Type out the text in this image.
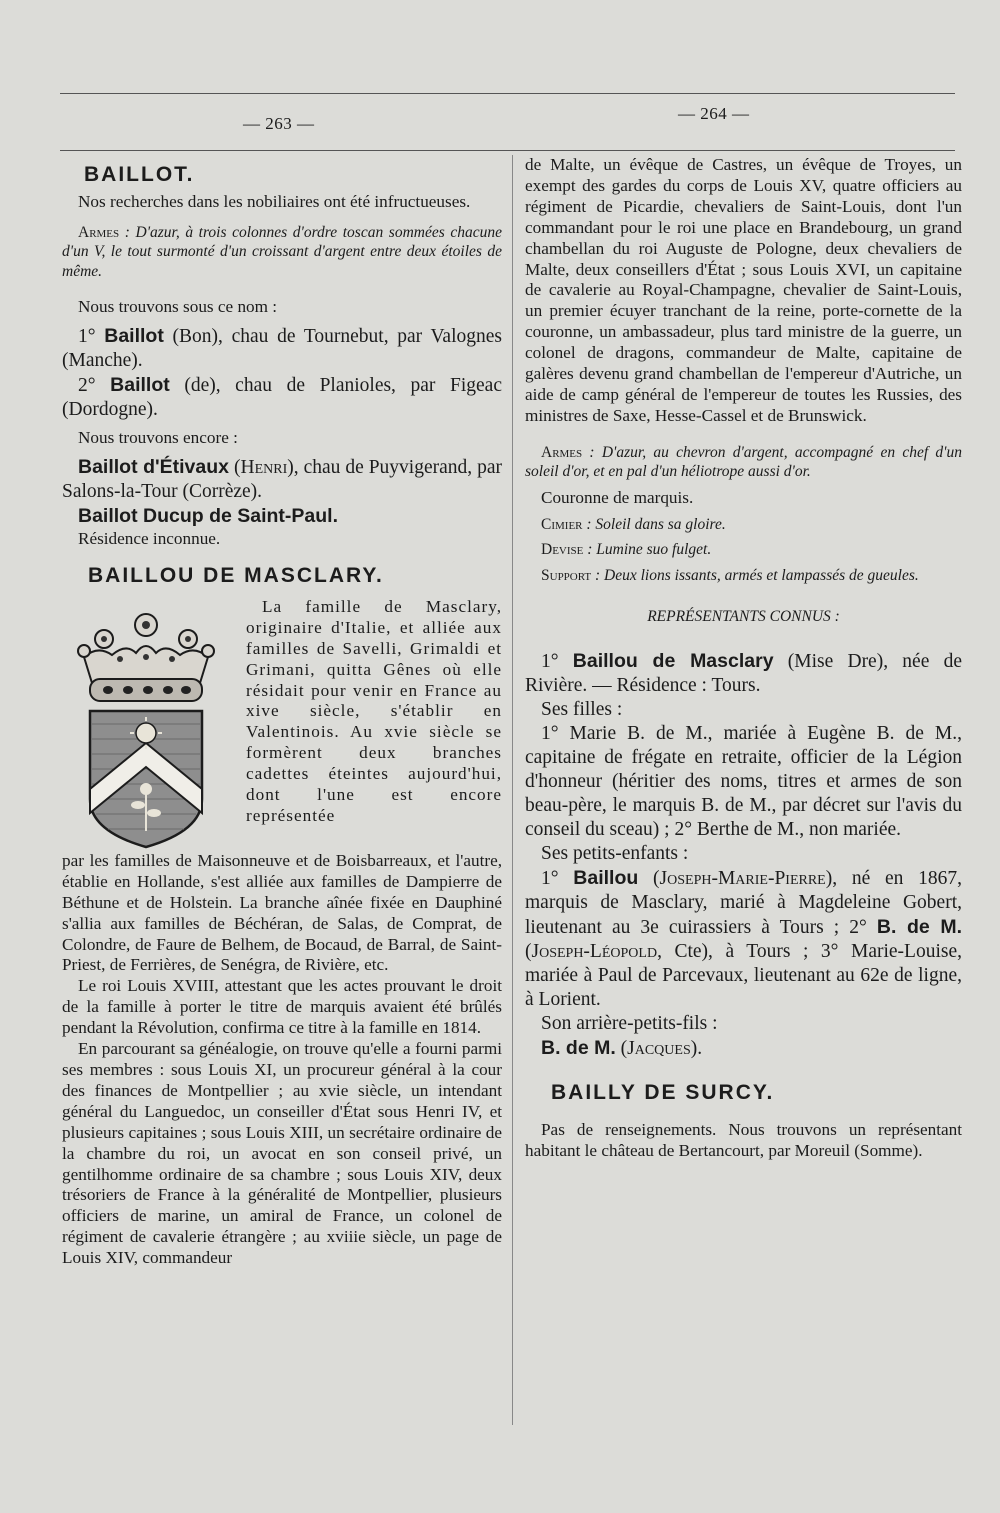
— 263 —
— 264 —

BAILLOT.

Nos recherches dans les nobiliaires ont été infructueuses.

Armes : D'azur, à trois colonnes d'ordre toscan sommées chacune d'un V, le tout surmonté d'un croissant d'argent entre deux étoiles de même.

Nous trouvons sous ce nom :

1° Baillot (Bon), chau de Tournebut, par Valognes (Manche).

2° Baillot (de), chau de Planioles, par Figeac (Dordogne).

Nous trouvons encore :

Baillot d'Étivaux (Henri), chau de Puyvigerand, par Salons-la-Tour (Corrèze).

Baillot Ducup de Saint-Paul.

Résidence inconnue.

BAILLOU DE MASCLARY.

La famille de Masclary, originaire d'Italie, et alliée aux familles de Savelli, Grimaldi et Grimani, quitta Gênes où elle résidait pour venir en France au xive siècle, s'établir en Valentinois. Au xvie siècle se formèrent deux branches cadettes éteintes aujourd'hui, dont l'une est encore représentée

par les familles de Maisonneuve et de Boisbarreaux, et l'autre, établie en Hollande, s'est alliée aux familles de Dampierre de Béthune et de Holstein. La branche aînée fixée en Dauphiné s'allia aux familles de Béchéran, de Salas, de Comprat, de Colondre, de Faure de Belhem, de Bocaud, de Barral, de Saint-Priest, de Ferrières, de Senégra, de Rivière, etc.

Le roi Louis XVIII, attestant que les actes prouvant le droit de la famille à porter le titre de marquis avaient été brûlés pendant la Révolution, confirma ce titre à la famille en 1814.

En parcourant sa généalogie, on trouve qu'elle a fourni parmi ses membres : sous Louis XI, un procureur général à la cour des finances de Montpellier ; au xvie siècle, un intendant général du Languedoc, un conseiller d'État sous Henri IV, et plusieurs capitaines ; sous Louis XIII, un secrétaire ordinaire de la chambre du roi, un avocat en son conseil privé, un gentilhomme ordinaire de sa chambre ; sous Louis XIV, deux trésoriers de France à la généralité de Montpellier, plusieurs officiers de marine, un amiral de France, un colonel de régiment de cavalerie étrangère ; au xviiie siècle, un page de Louis XIV, commandeur

de Malte, un évêque de Castres, un évêque de Troyes, un exempt des gardes du corps de Louis XV, quatre officiers au régiment de Picardie, chevaliers de Saint-Louis, dont l'un commandant pour le roi une place en Brandebourg, un grand chambellan du roi Auguste de Pologne, deux chevaliers de Malte, deux conseillers d'État ; sous Louis XVI, un capitaine de cavalerie au Royal-Champagne, chevalier de Saint-Louis, un premier écuyer tranchant de la reine, porte-cornette de la couronne, un ambassadeur, plus tard ministre de la guerre, un colonel de dragons, commandeur de Malte, capitaine de galères devenu grand chambellan de l'empereur d'Autriche, un aide de camp général de l'empereur de toutes les Russies, des ministres de Saxe, Hesse-Cassel et de Brunswick.

Armes : D'azur, au chevron d'argent, accompagné en chef d'un soleil d'or, et en pal d'un héliotrope aussi d'or.

Couronne de marquis.

Cimier : Soleil dans sa gloire.

Devise : Lumine suo fulget.

Support : Deux lions issants, armés et lampassés de gueules.

REPRÉSENTANTS CONNUS :

1° Baillou de Masclary (Mise Dre), née de Rivière. — Résidence : Tours.

Ses filles :

1° Marie B. de M., mariée à Eugène B. de M., capitaine de frégate en retraite, officier de la Légion d'honneur (héritier des noms, titres et armes de son beau-père, le marquis B. de M., par décret sur l'avis du conseil du sceau) ; 2° Berthe de M., non mariée.

Ses petits-enfants :

1° Baillou (Joseph-Marie-Pierre), né en 1867, marquis de Masclary, marié à Magdeleine Gobert, lieutenant au 3e cuirassiers à Tours ; 2° B. de M. (Joseph-Léopold, Cte), à Tours ; 3° Marie-Louise, mariée à Paul de Parcevaux, lieutenant au 62e de ligne, à Lorient.

Son arrière-petits-fils :

B. de M. (Jacques).

BAILLY DE SURCY.

Pas de renseignements. Nous trouvons un représentant habitant le château de Bertancourt, par Moreuil (Somme).
